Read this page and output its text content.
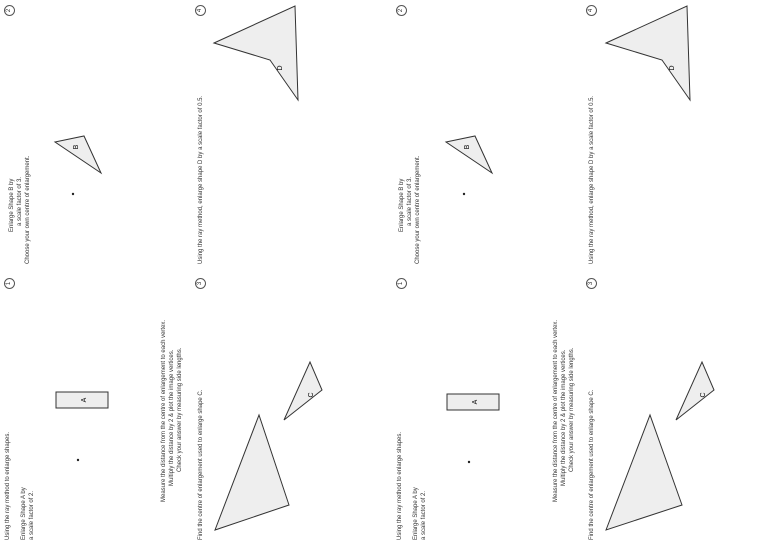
1
Using the ray method to enlarge shapes. Enlarge Shape A by a scale factor of 2.
2
Enlarge Shape B by a scale factor of 3. Choose your own centre of enlargement.
3
Measure the distance from the centre of enlargement to each vertex. Multiply the distance by 2 & plot the image vertices. Check your answer by measuring side lengths.	Find the centre of enlargement used to enlarge shape C.
4
Using the ray method, enlarge shape D by a scale factor of 0.5.
A
B
C
D
1
Using the ray method to enlarge shapes. Enlarge Shape A by a scale factor of 2.
2
Enlarge Shape B by a scale factor of 3. Choose your own centre of enlargement.
3
Measure the distance from the centre of enlargement to each vertex. Multiply the distance by 2 & plot the image vertices. Check your answer by measuring side lengths. Find the centre of enlargement used to enlarge shape C.
4
Using the ray method, enlarge shape D by a scale factor of 0.5.
A
B
C
D
